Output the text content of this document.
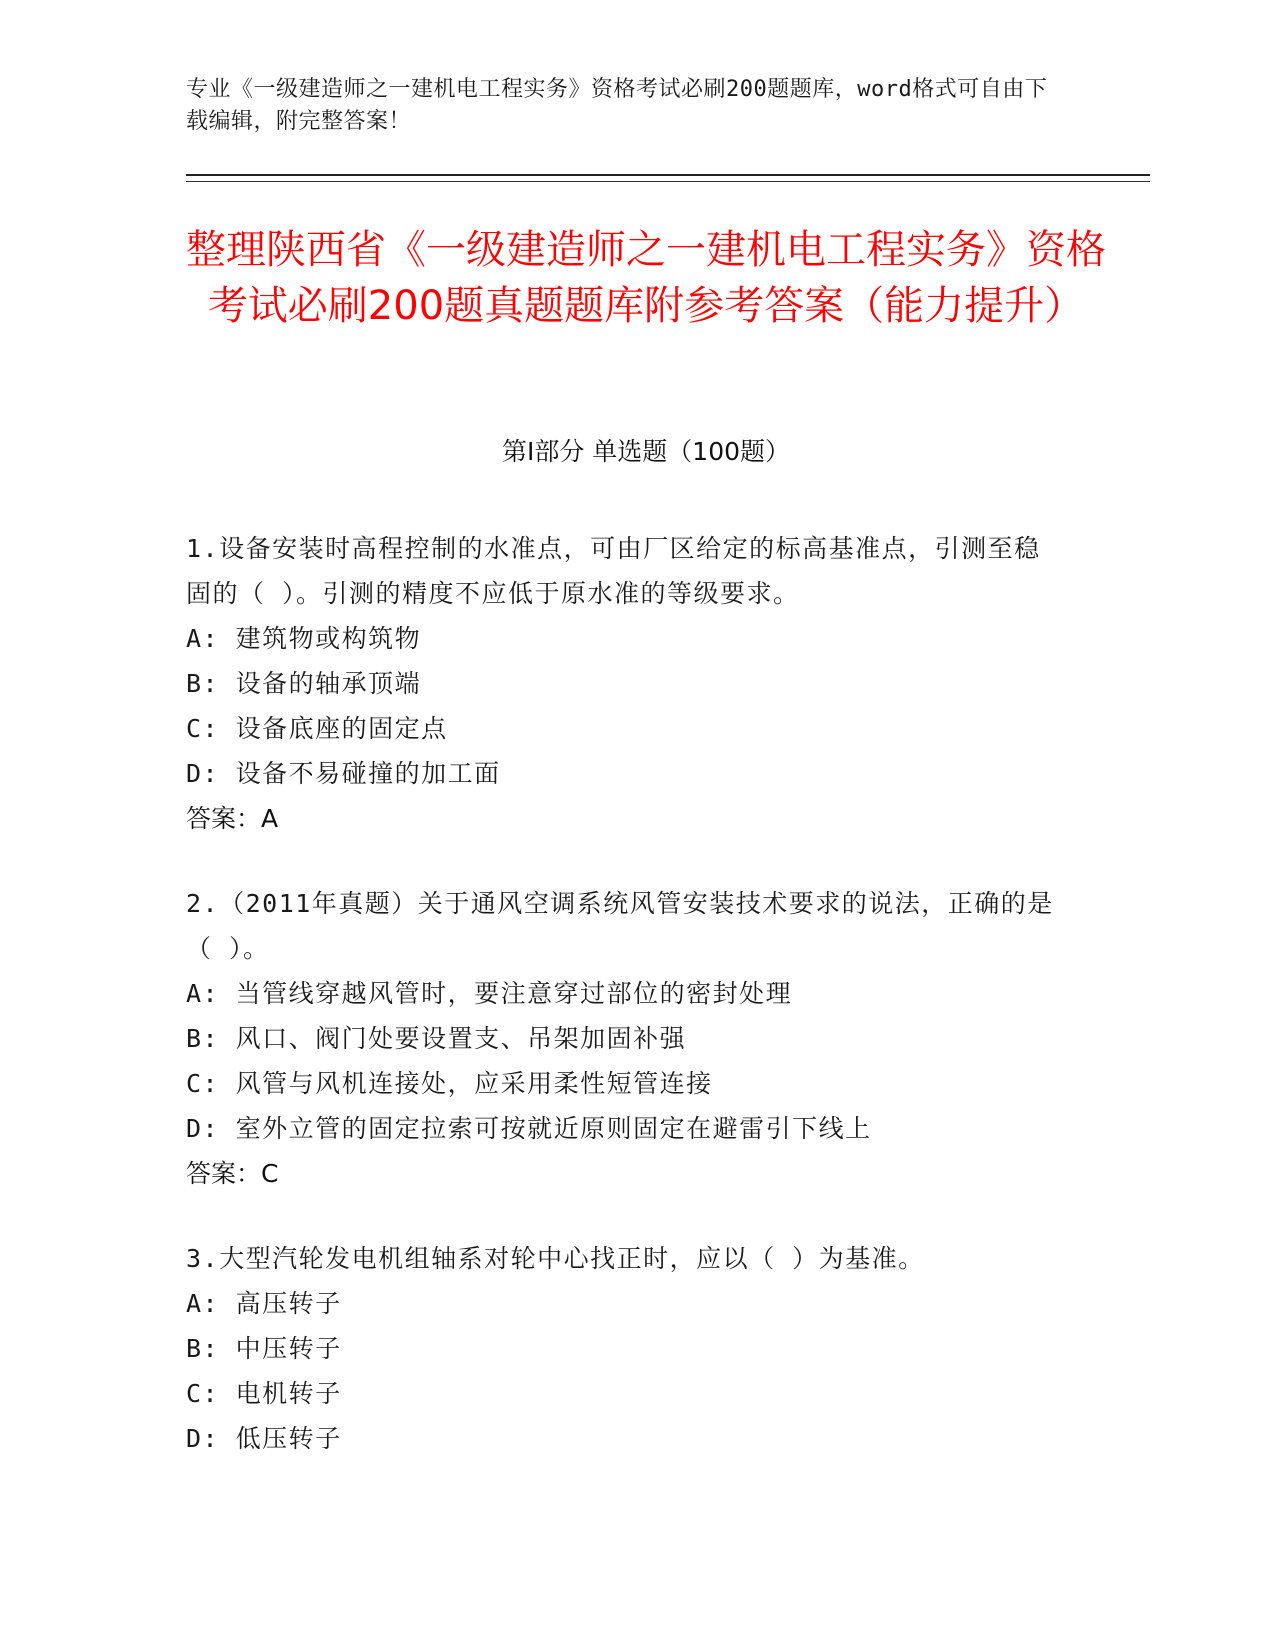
专业《一级建造师之一建机电工程实务》资格考试必刷200题题库，word格式可自由下载编辑，附完整答案！
整理陕西省《一级建造师之一建机电工程实务》资格考试必刷200题真题题库附参考答案（能力提升）
第Ⅰ部分 单选题（100题）

1.设备安装时高程控制的水准点，可由厂区给定的标高基准点，引测至稳固的（ ）。引测的精度不应低于原水准的等级要求。

A: 建筑物或构筑物

B: 设备的轴承顶端

C: 设备底座的固定点

D: 设备不易碰撞的加工面

答案：A

2.（2011年真题）关于通风空调系统风管安装技术要求的说法，正确的是（ ）。

A: 当管线穿越风管时，要注意穿过部位的密封处理

B: 风口、阀门处要设置支、吊架加固补强

C: 风管与风机连接处，应采用柔性短管连接

D: 室外立管的固定拉索可按就近原则固定在避雷引下线上

答案：C

3.大型汽轮发电机组轴系对轮中心找正时，应以（ ）为基准。

A: 高压转子

B: 中压转子

C: 电机转子

D: 低压转子
